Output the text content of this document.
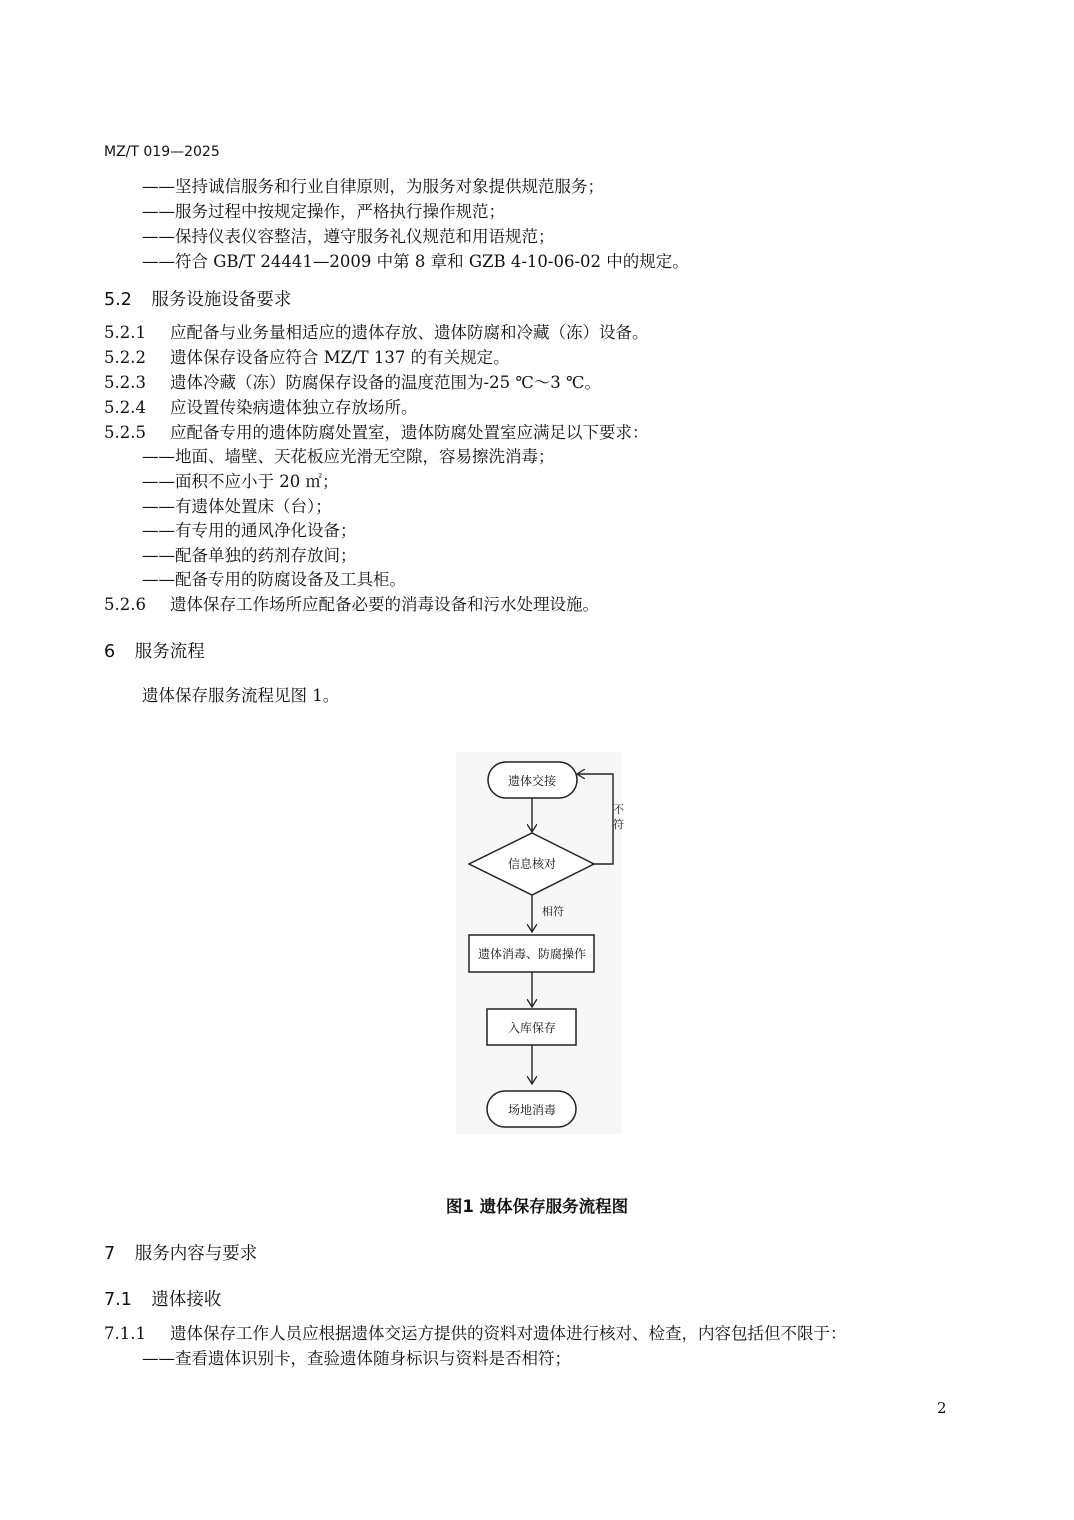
MZ/T 019—2025
——坚持诚信服务和行业自律原则，为服务对象提供规范服务；
——服务过程中按规定操作，严格执行操作规范；
——保持仪表仪容整洁，遵守服务礼仪规范和用语规范；
——符合 GB/T 24441—2009 中第 8 章和 GZB 4-10-06-02 中的规定。
5.2 服务设施设备要求
5.2.1 应配备与业务量相适应的遗体存放、遗体防腐和冷藏（冻）设备。
5.2.2 遗体保存设备应符合 MZ/T 137 的有关规定。
5.2.3 遗体冷藏（冻）防腐保存设备的温度范围为-25 ℃～3 ℃。
5.2.4 应设置传染病遗体独立存放场所。
5.2.5 应配备专用的遗体防腐处置室，遗体防腐处置室应满足以下要求：
——地面、墙壁、天花板应光滑无空隙，容易擦洗消毒；
——面积不应小于 20 ㎡；
——有遗体处置床（台）；
——有专用的通风净化设备；
——配备单独的药剂存放间；
——配备专用的防腐设备及工具柜。
5.2.6 遗体保存工作场所应配备必要的消毒设备和污水处理设施。
6 服务流程
遗体保存服务流程见图 1。
遗体交接
信息核对
不
符
相符
遗体消毒、防腐操作
入库保存
场地消毒
图1 遗体保存服务流程图
7 服务内容与要求
7.1 遗体接收
7.1.1 遗体保存工作人员应根据遗体交运方提供的资料对遗体进行核对、检查，内容包括但不限于：
——查看遗体识别卡，查验遗体随身标识与资料是否相符；
2
